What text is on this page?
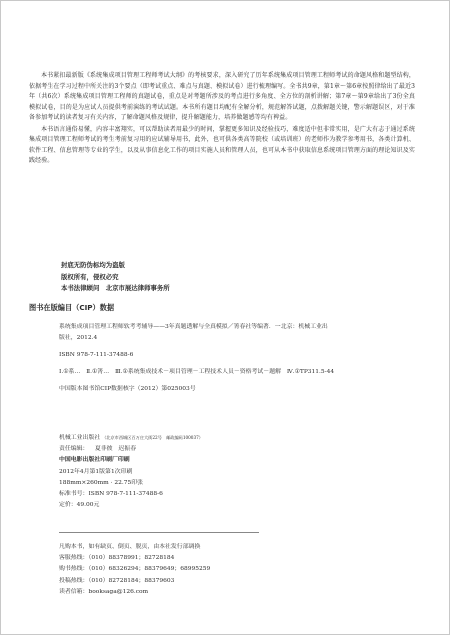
本书紧扣最新版《系统集成项目管理工程师考试大纲》的考核要求，深入研究了历年系统集成项目管理工程师考试的命题风格和题型结构，依据考生在学习过程中所关注的3个要点（即考试重点、难点与真题、模拟试卷）进行梳理编写。全书共9章，第1章～第6章按照律给出了最近3年（共6次）系统集成项目管理工程师的真题试卷，重点是对考题所涉及的考点进行多角度、全方位的剖析讲解；第7章～第9章给出了3份全真模拟试卷，目的是为应试人员提供考前演练的考试试题。本书所有题目均配有全解分析，规范解答试题，点拨解题关键，警示解题误区，对于准备参加考试的读者复习有关内容，了解命题风格及规律，提升解题能力，培养做题感等均有裨益。

本书语言通俗易懂，内容丰富翔实，可以帮助读者用最少的时间，掌握更多知识及经验技巧，难度适中但非常实用，是广大有志于通过系统集成项目管理工程师考试的考生考前复习用的应试辅导用书，此外，也可供各类高等院校（或培训班）的老师作为教学参考用书，各类计算机、软件工程、信息管理等专业的学生，以及从事信息化工作的项目实施人员和管理人员，也可从本书中获取信息系统项目管理方面的理论知识及实践经验。

封底无防伪标均为盗版
版权所有，侵权必究
本书法律顾问　北京市展达律师事务所
图书在版编目（CIP）数据
系统集成项目管理工程师软考考辅导——3年真题透解与全真模拟／箐春社等编著．一北京：机械工业出
版社，2012.4
ISBN 978-7-111-37488-6
Ⅰ.①系…　Ⅱ.①箐…　Ⅲ.①系统集成技术－项目管理－工程技术人员－资格考试－题解　Ⅳ.①TP311.5-44
中国版本图书馆CIP数据核字（2012）第025003号
机械工业出版社 （北京市西城区百万庄大街22号　邮政编码100037）
责任编辑： 夏非彼　迟振春
中国电影出版社印刷厂印刷
2012年4月第1版第1次印刷
188mm×260mm · 22.75印张
标准书号：ISBN 978-7-111-37488-6
定价：49.00元
凡购本书，如有缺页、倒页、脱页，由本社发行部调换
客服热线：（010）88378991；82728184
购书热线：（010）68326294；88379649；68995259
投稿热线：（010）82728184；88379603
读者信箱：booksaga@126.com
